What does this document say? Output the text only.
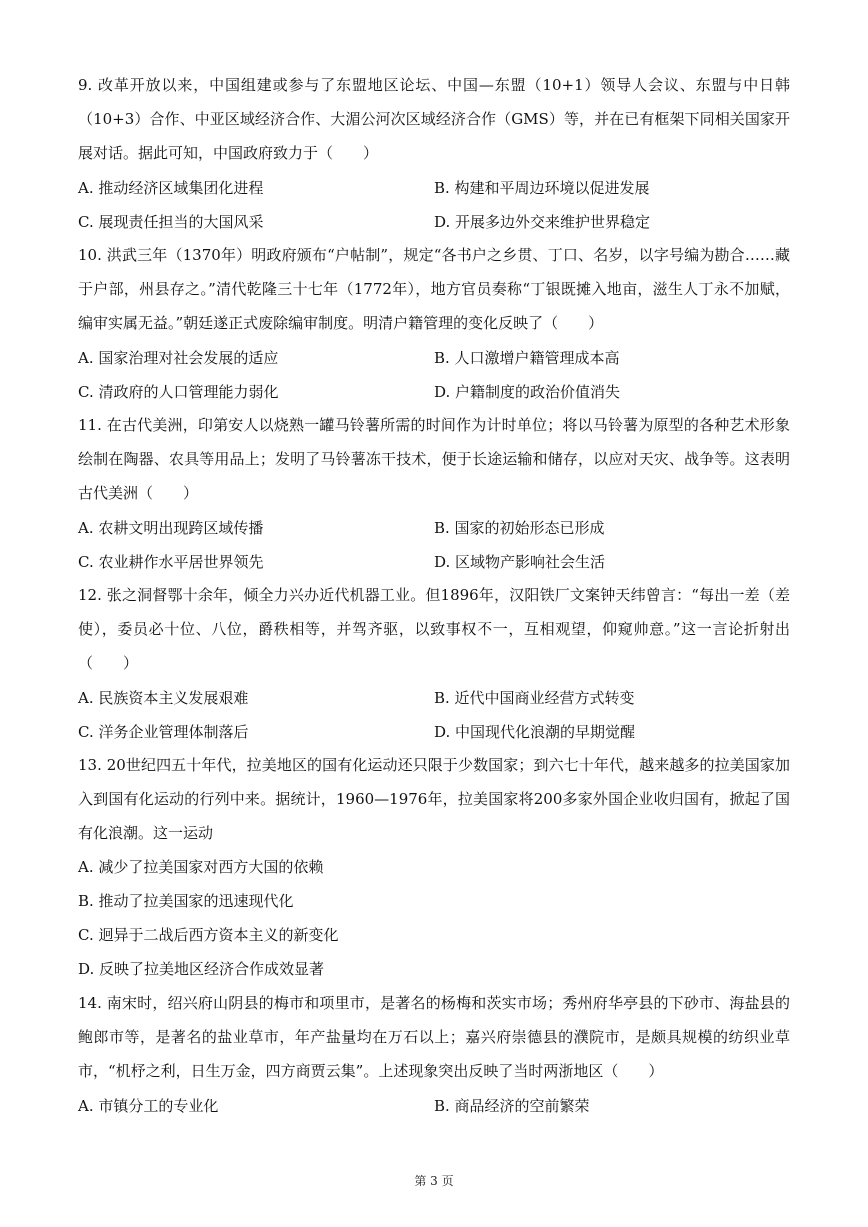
9. 改革开放以来，中国组建或参与了东盟地区论坛、中国—东盟（10+1）领导人会议、东盟与中日韩（10+3）合作、中亚区域经济合作、大湄公河次区域经济合作（GMS）等，并在已有框架下同相关国家开展对话。据此可知，中国政府致力于（　　）

A. 推动经济区域集团化进程	B. 构建和平周边环境以促进发展
C. 展现责任担当的大国风采	D. 开展多边外交来维护世界稳定

10. 洪武三年（1370年）明政府颁布“户帖制”，规定“各书户之乡贯、丁口、名岁，以字号编为勘合……藏于户部，州县存之。”清代乾隆三十七年（1772年），地方官员奏称“丁银既摊入地亩，滋生人丁永不加赋，编审实属无益。”朝廷遂正式废除编审制度。明清户籍管理的变化反映了（　　）

A. 国家治理对社会发展的适应	B. 人口激增户籍管理成本高
C. 清政府的人口管理能力弱化	D. 户籍制度的政治价值消失

11. 在古代美洲，印第安人以烧熟一罐马铃薯所需的时间作为计时单位；将以马铃薯为原型的各种艺术形象绘制在陶器、农具等用品上；发明了马铃薯冻干技术，便于长途运输和储存，以应对天灾、战争等。这表明古代美洲（　　）

A. 农耕文明出现跨区域传播	B. 国家的初始形态已形成
C. 农业耕作水平居世界领先	D. 区域物产影响社会生活

12. 张之洞督鄂十余年，倾全力兴办近代机器工业。但1896年，汉阳铁厂文案钟天纬曾言：“每出一差（差使），委员必十位、八位，爵秩相等，并驾齐驱，以致事权不一，互相观望，仰窥帅意。”这一言论折射出（　　）

A. 民族资本主义发展艰难	B. 近代中国商业经营方式转变
C. 洋务企业管理体制落后	D. 中国现代化浪潮的早期觉醒

13. 20世纪四五十年代，拉美地区的国有化运动还只限于少数国家；到六七十年代，越来越多的拉美国家加入到国有化运动的行列中来。据统计，1960—1976年，拉美国家将200多家外国企业收归国有，掀起了国有化浪潮。这一运动

A. 减少了拉美国家对西方大国的依赖
B. 推动了拉美国家的迅速现代化
C. 迥异于二战后西方资本主义的新变化
D. 反映了拉美地区经济合作成效显著

14. 南宋时，绍兴府山阴县的梅市和项里市，是著名的杨梅和茨实市场；秀州府华亭县的下砂市、海盐县的鲍郎市等，是著名的盐业草市，年产盐量均在万石以上；嘉兴府崇德县的濮院市，是颇具规模的纺织业草市，“机杼之利，日生万金，四方商贾云集”。上述现象突出反映了当时两浙地区（　　）

A. 市镇分工的专业化	B. 商品经济的空前繁荣
第 3 页
